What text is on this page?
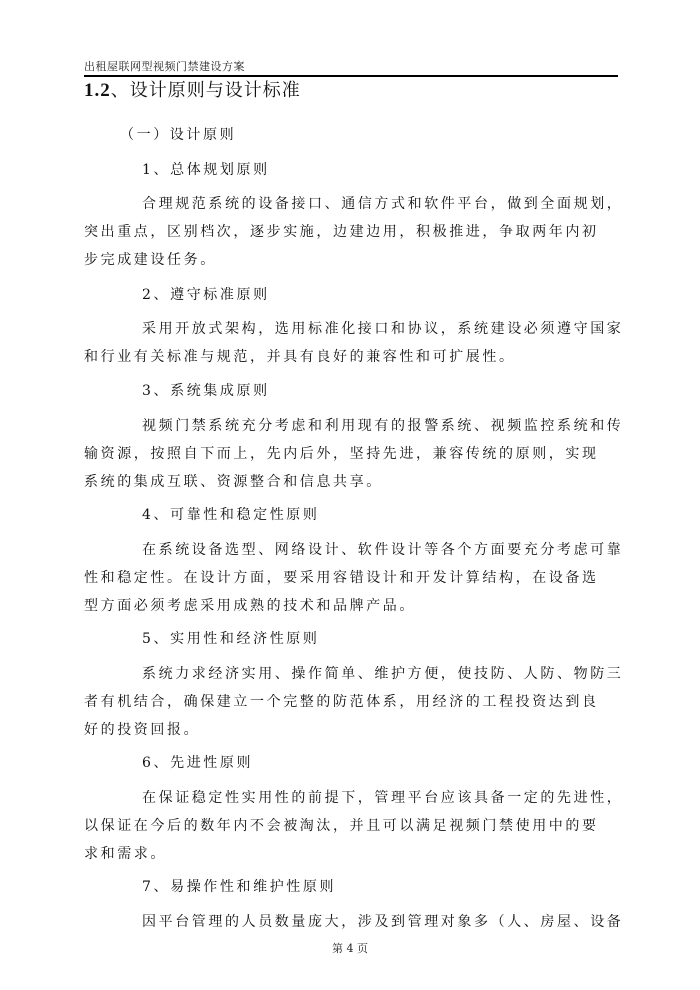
出租屋联网型视频门禁建设方案
1.2、设计原则与设计标准
（一）设计原则
1、总体规划原则
合理规范系统的设备接口、通信方式和软件平台，做到全面规划，
突出重点，区别档次，逐步实施，边建边用，积极推进，争取两年内初
步完成建设任务。
2、遵守标准原则
采用开放式架构，选用标准化接口和协议，系统建设必须遵守国家
和行业有关标准与规范，并具有良好的兼容性和可扩展性。
3、系统集成原则
视频门禁系统充分考虑和利用现有的报警系统、视频监控系统和传
输资源，按照自下而上，先内后外，坚持先进，兼容传统的原则，实现
系统的集成互联、资源整合和信息共享。
4、可靠性和稳定性原则
在系统设备选型、网络设计、软件设计等各个方面要充分考虑可靠
性和稳定性。在设计方面，要采用容错设计和开发计算结构，在设备选
型方面必须考虑采用成熟的技术和品牌产品。
5、实用性和经济性原则
系统力求经济实用、操作简单、维护方便，使技防、人防、物防三
者有机结合，确保建立一个完整的防范体系，用经济的工程投资达到良
好的投资回报。
6、先进性原则
在保证稳定性实用性的前提下，管理平台应该具备一定的先进性，
以保证在今后的数年内不会被淘汰，并且可以满足视频门禁使用中的要
求和需求。
7、易操作性和维护性原则
因平台管理的人员数量庞大，涉及到管理对象多（人、房屋、设备
第 4 页
